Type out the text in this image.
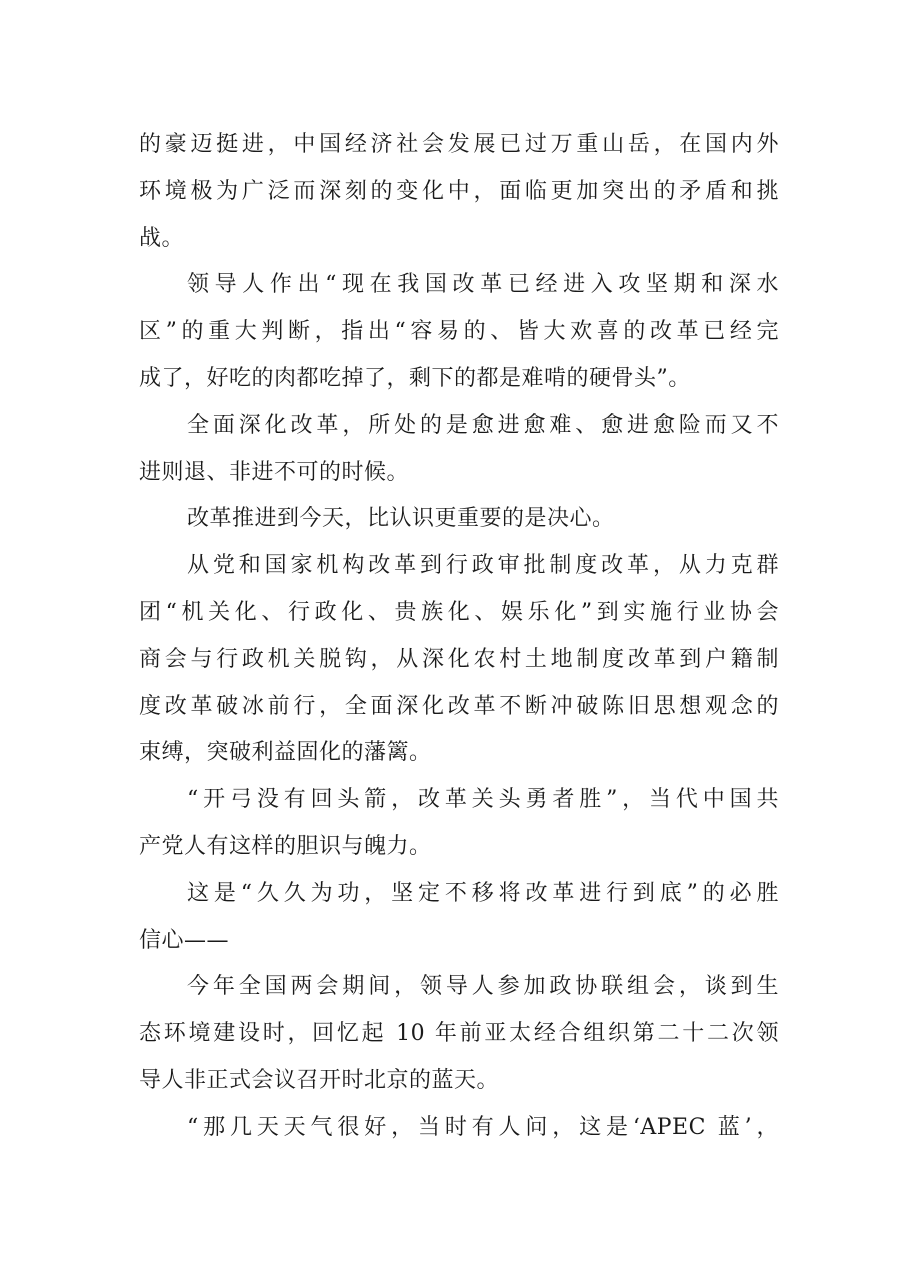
的豪迈挺进，中国经济社会发展已过万重山岳，在国内外
环境极为广泛而深刻的变化中，面临更加突出的矛盾和挑
战。
领导人作出“现在我国改革已经进入攻坚期和深水
区”的重大判断，指出“容易的、皆大欢喜的改革已经完
成了，好吃的肉都吃掉了，剩下的都是难啃的硬骨头”。
全面深化改革，所处的是愈进愈难、愈进愈险而又不
进则退、非进不可的时候。
改革推进到今天，比认识更重要的是决心。
从党和国家机构改革到行政审批制度改革，从力克群
团“机关化、行政化、贵族化、娱乐化”到实施行业协会
商会与行政机关脱钩，从深化农村土地制度改革到户籍制
度改革破冰前行，全面深化改革不断冲破陈旧思想观念的
束缚，突破利益固化的藩篱。
“开弓没有回头箭，改革关头勇者胜”，当代中国共
产党人有这样的胆识与魄力。
这是“久久为功，坚定不移将改革进行到底”的必胜
信心——
今年全国两会期间，领导人参加政协联组会，谈到生
态环境建设时，回忆起 10 年前亚太经合组织第二十二次领
导人非正式会议召开时北京的蓝天。
“那几天天气很好，当时有人问，这是‘APEC 蓝’，
